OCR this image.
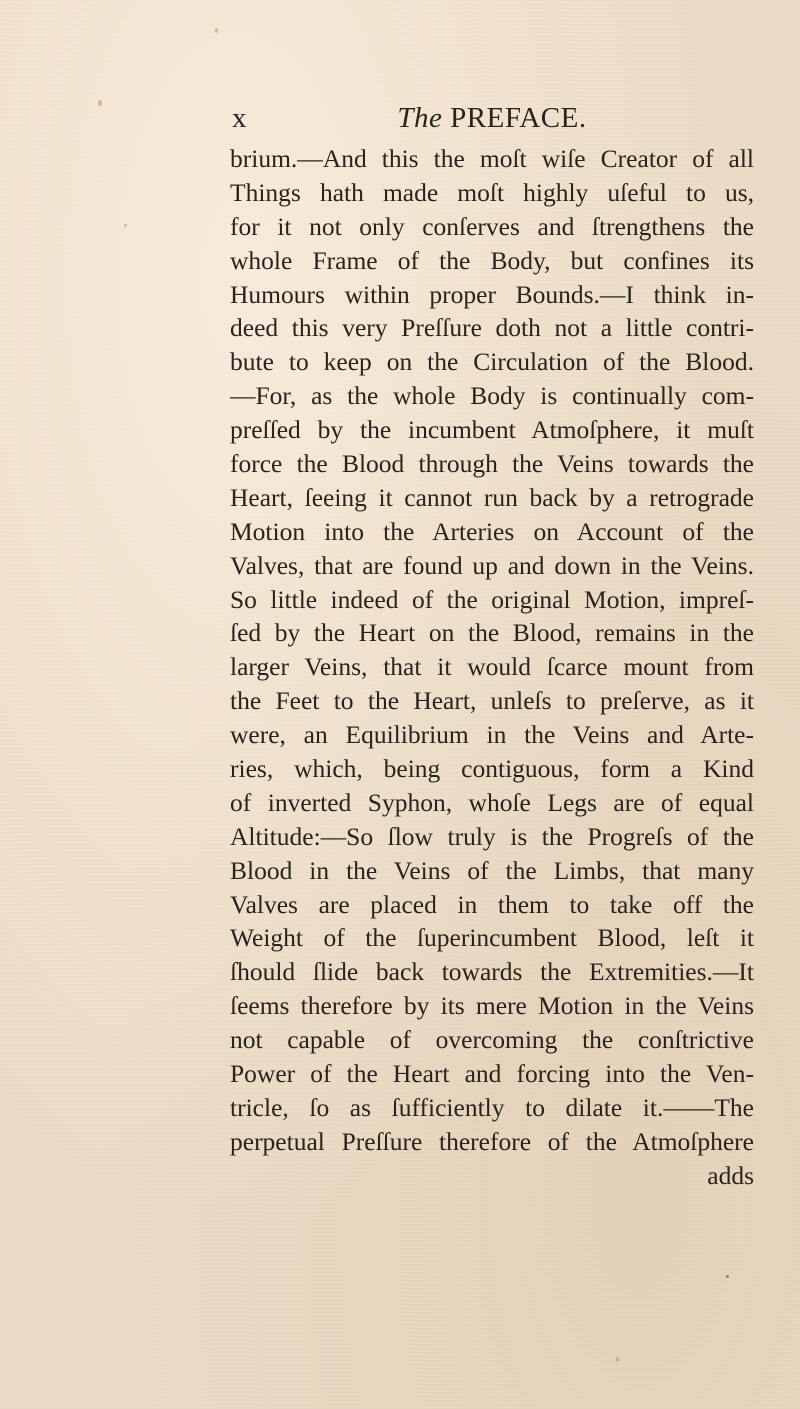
x	The PREFACE.
brium.—And this the moſt wiſe Creator of all
Things hath made moſt highly uſeful to us,
for it not only conſerves and ſtrengthens the
whole Frame of the Body, but confines its
Humours within proper Bounds.—I think in-
deed this very Preſſure doth not a little contri-
bute to keep on the Circulation of the Blood.
—For, as the whole Body is continually com-
preſſed by the incumbent Atmoſphere, it muſt
force the Blood through the Veins towards the
Heart, ſeeing it cannot run back by a retrograde
Motion into the Arteries on Account of the
Valves, that are found up and down in the Veins.
So little indeed of the original Motion, impreſ-
ſed by the Heart on the Blood, remains in the
larger Veins, that it would ſcarce mount from
the Feet to the Heart, unleſs to preſerve, as it
were, an Equilibrium in the Veins and Arte-
ries, which, being contiguous, form a Kind
of inverted Syphon, whoſe Legs are of equal
Altitude:—So ſlow truly is the Progreſs of the
Blood in the Veins of the Limbs, that many
Valves are placed in them to take off the
Weight of the ſuperincumbent Blood, leſt it
ſhould ſlide back towards the Extremities.—It
ſeems therefore by its mere Motion in the Veins
not capable of overcoming the conſtrictive
Power of the Heart and forcing into the Ven-
tricle, ſo as ſufficiently to dilate it.——The
perpetual Preſſure therefore of the Atmoſphere
adds
